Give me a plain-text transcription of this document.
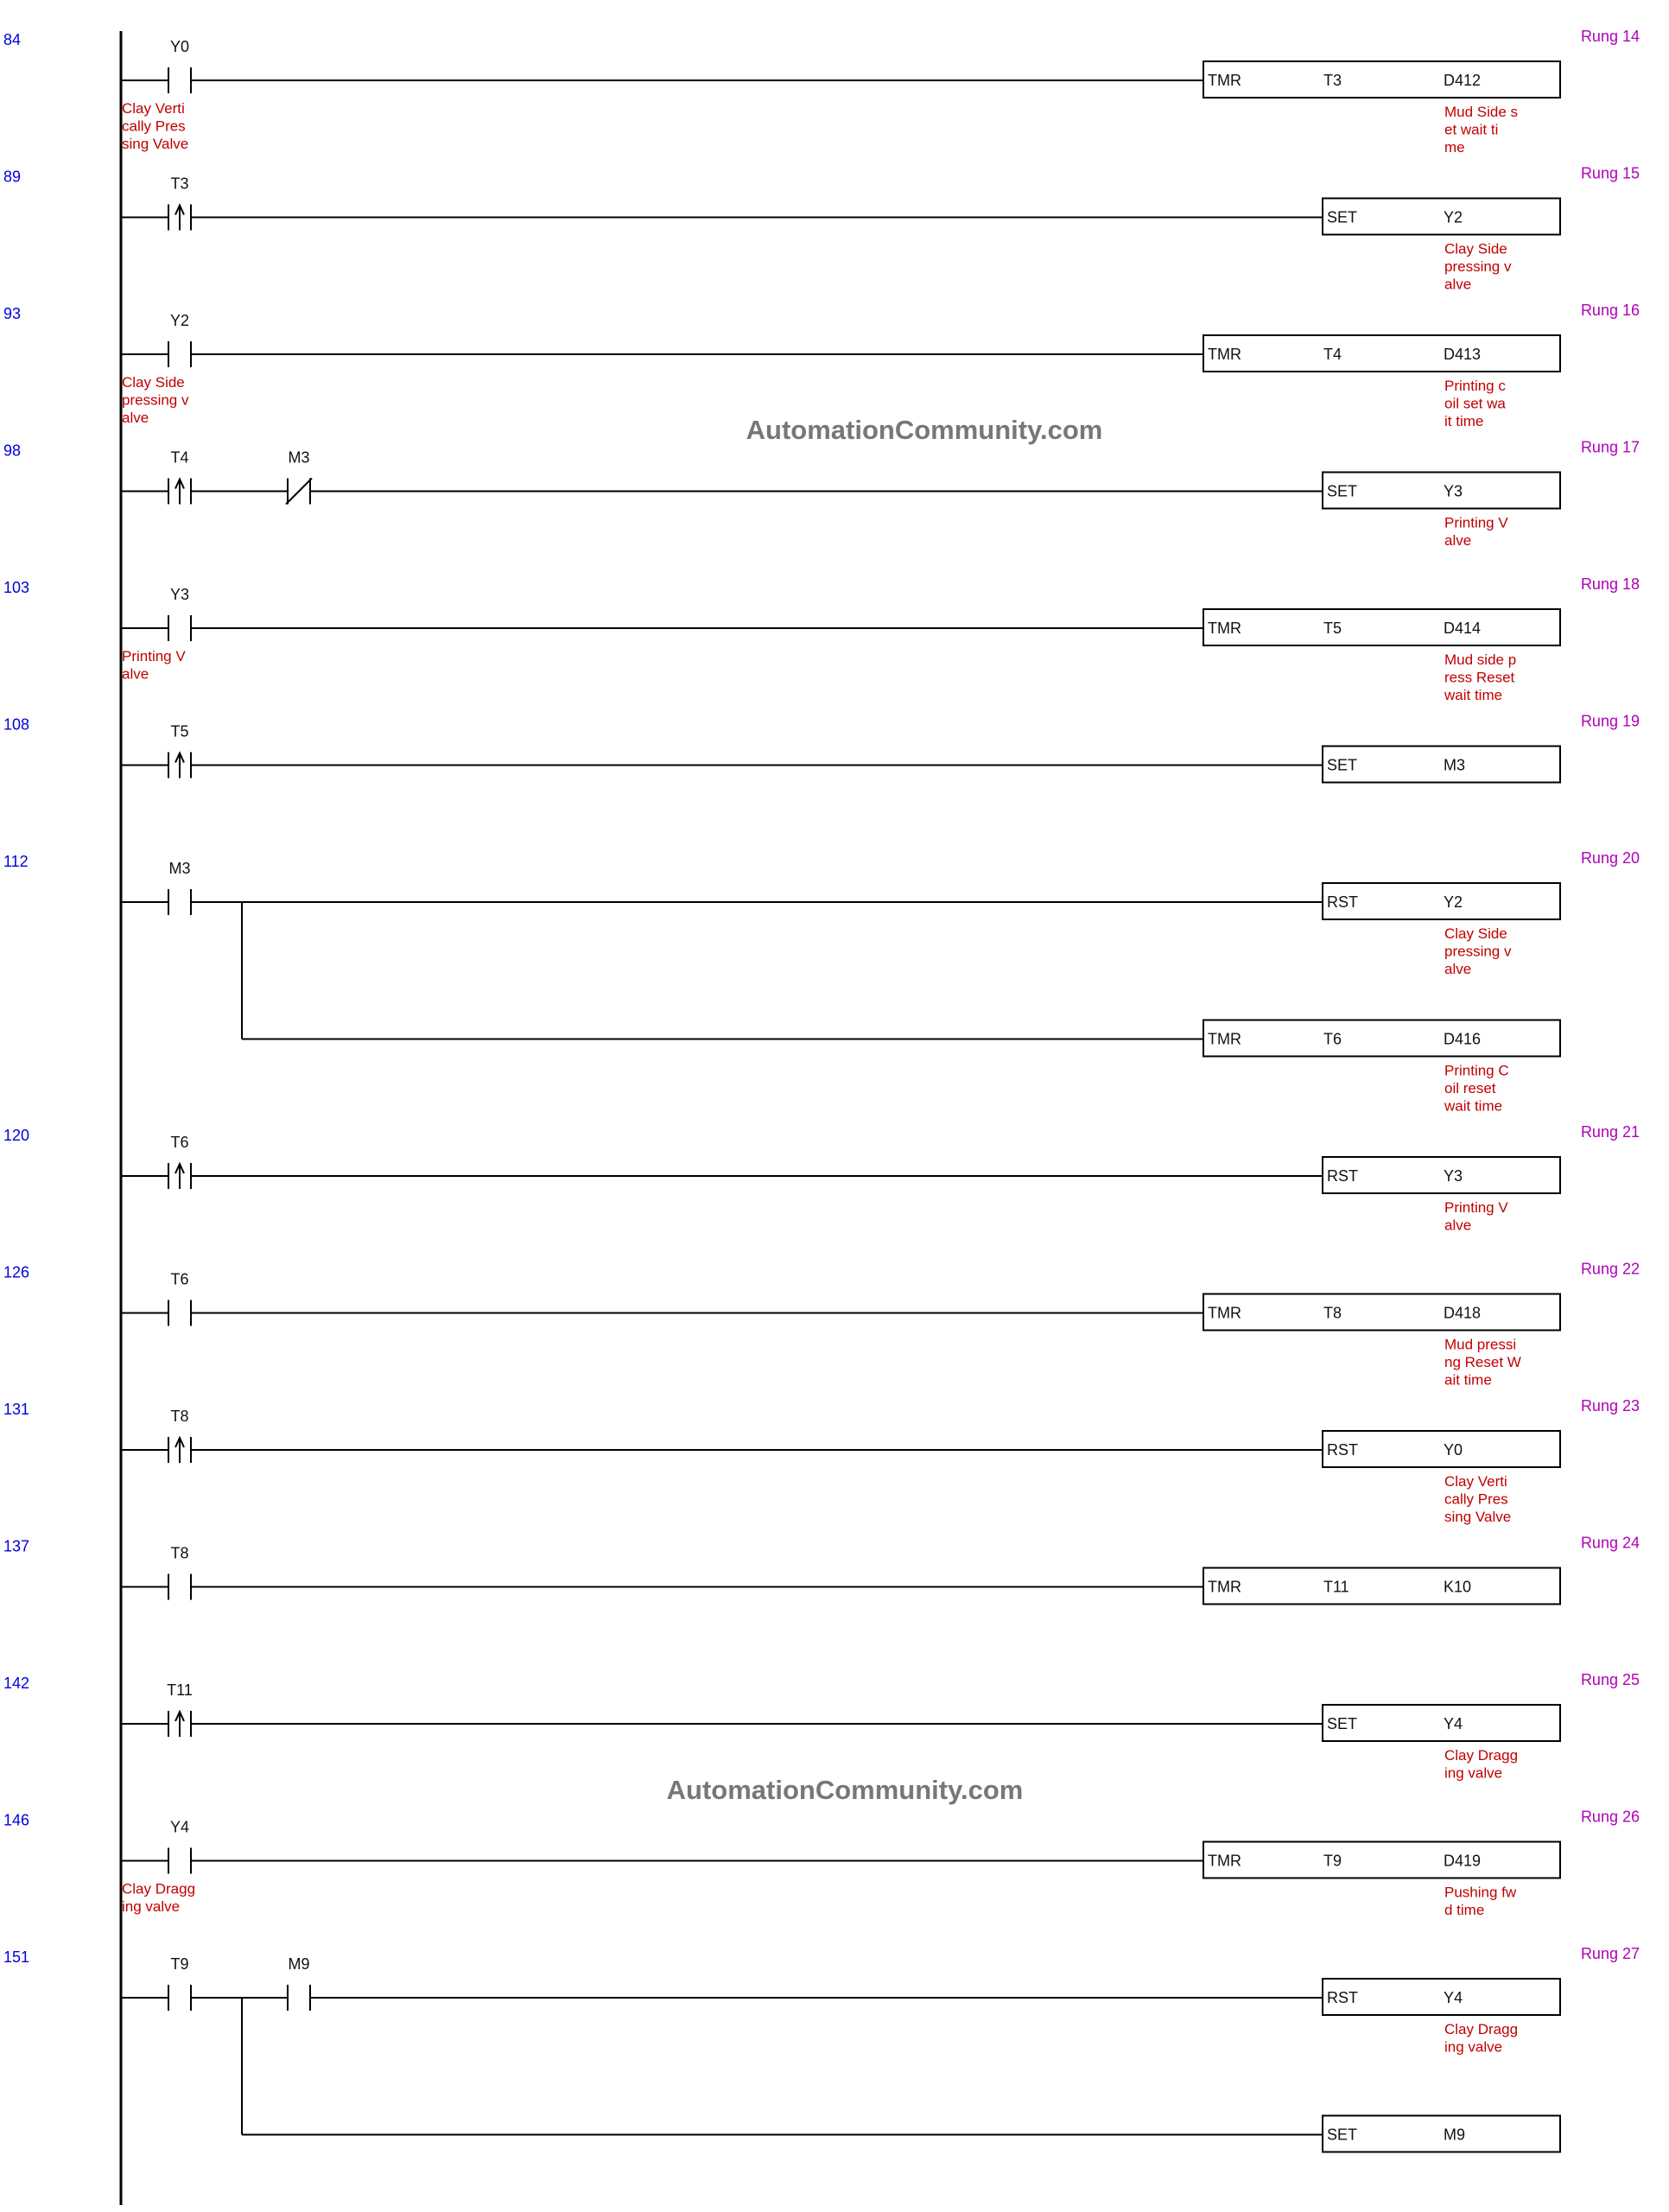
84	Rung 14
Y0
Clay Verti
cally Pres
sing Valve
TMR	T3	D412
Mud Side s
et wait ti
me
89	Rung 15
T3
SET	Y2
Clay Side
pressing v
alve
93	Rung 16
Y2
Clay Side
pressing v
alve
TMR	T4	D413
Printing c
oil set wa
it time
98	Rung 17
T4	M3
SET	Y3
Printing V
alve
103	Rung 18
Y3
Printing V
alve
TMR	T5	D414
Mud side p
ress Reset
wait time
108	Rung 19
T5
SET	M3
112	Rung 20
M3
RST	Y2
Clay Side
pressing v
alve
TMR	T6	D416
Printing C
oil reset
wait time
120	Rung 21
T6
RST	Y3
Printing V
alve
126	Rung 22
T6
TMR	T8	D418
Mud pressi
ng Reset W
ait time
131	Rung 23
T8
RST	Y0
Clay Verti
cally Pres
sing Valve
137	Rung 24
T8
TMR	T11	K10
142	Rung 25
T11
SET	Y4
Clay Dragg
ing valve
146	Rung 26
Y4
Clay Dragg
ing valve
TMR	T9	D419
Pushing fw
d time
151	Rung 27
T9	M9
RST	Y4
Clay Dragg
ing valve
SET	M9
AutomationCommunity.com
AutomationCommunity.com
